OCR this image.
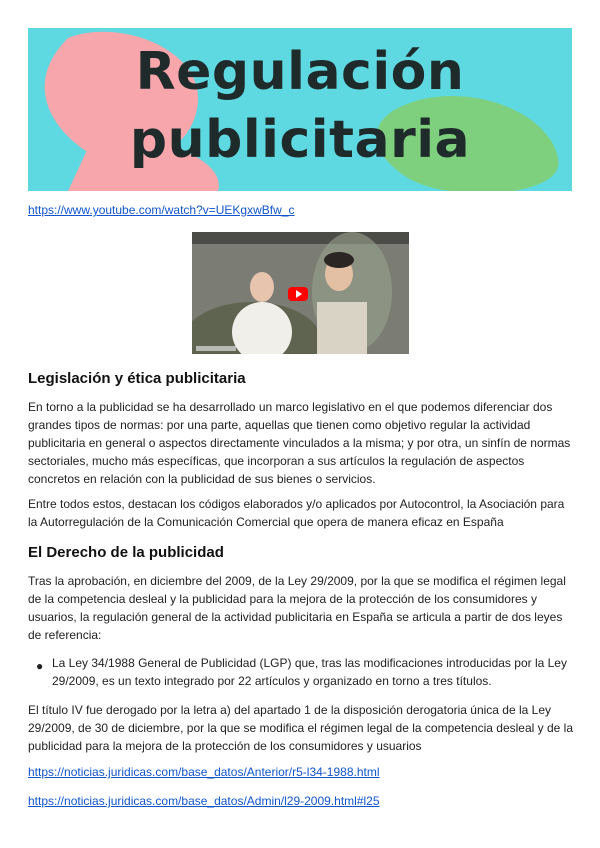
Regulación publicitaria
https://www.youtube.com/watch?v=UEKgxwBfw_c
Legislación y ética publicitaria
En torno a la publicidad se ha desarrollado un marco legislativo en el que podemos diferenciar dos grandes tipos de normas: por una parte, aquellas que tienen como objetivo regular la actividad publicitaria en general o aspectos directamente vinculados a la misma; y por otra, un sinfín de normas sectoriales, mucho más específicas, que incorporan a sus artículos la regulación de aspectos concretos en relación con la publicidad de sus bienes o servicios.
Entre todos estos, destacan los códigos elaborados y/o aplicados por Autocontrol, la Asociación para la Autorregulación de la Comunicación Comercial que opera de manera eficaz en España
El Derecho de la publicidad
Tras la aprobación, en diciembre del 2009, de la Ley 29/2009, por la que se modifica el régimen legal de la competencia desleal y la publicidad para la mejora de la protección de los consumidores y usuarios, la regulación general de la actividad publicitaria en España se articula a partir de dos leyes de referencia:
● La Ley 34/1988 General de Publicidad (LGP) que, tras las modificaciones introducidas por la Ley 29/2009, es un texto integrado por 22 artículos y organizado en torno a tres títulos.
El título IV fue derogado por la letra a) del apartado 1 de la disposición derogatoria única de la Ley 29/2009, de 30 de diciembre, por la que se modifica el régimen legal de la competencia desleal y de la publicidad para la mejora de la protección de los consumidores y usuarios
https://noticias.juridicas.com/base_datos/Anterior/r5-l34-1988.html
https://noticias.juridicas.com/base_datos/Admin/l29-2009.html#l25
